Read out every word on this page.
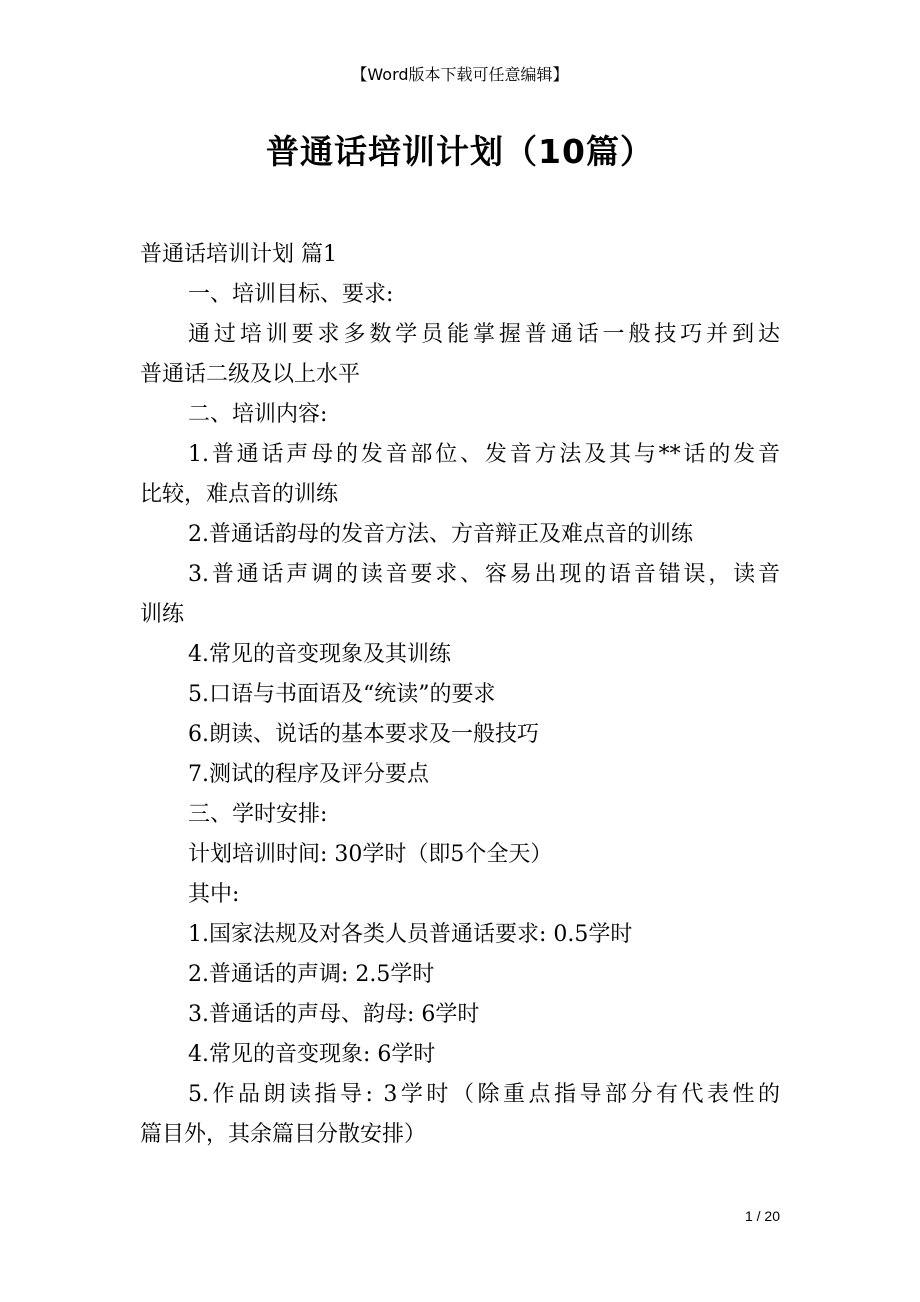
【Word版本下载可任意编辑】
普通话培训计划（10篇）
普通话培训计划 篇1
一、培训目标、要求:
通过培训要求多数学员能掌握普通话一般技巧并到达
普通话二级及以上水平
二、培训内容:
1.普通话声母的发音部位、发音方法及其与**话的发音
比较，难点音的训练
2.普通话韵母的发音方法、方音辩正及难点音的训练
3.普通话声调的读音要求、容易出现的语音错误，读音
训练
4.常见的音变现象及其训练
5.口语与书面语及“统读”的要求
6.朗读、说话的基本要求及一般技巧
7.测试的程序及评分要点
三、学时安排:
计划培训时间: 30学时（即5个全天）
其中:
1.国家法规及对各类人员普通话要求: 0.5学时
2.普通话的声调: 2.5学时
3.普通话的声母、韵母: 6学时
4.常见的音变现象: 6学时
5.作品朗读指导: 3学时（除重点指导部分有代表性的
篇目外，其余篇目分散安排）
1 / 20
